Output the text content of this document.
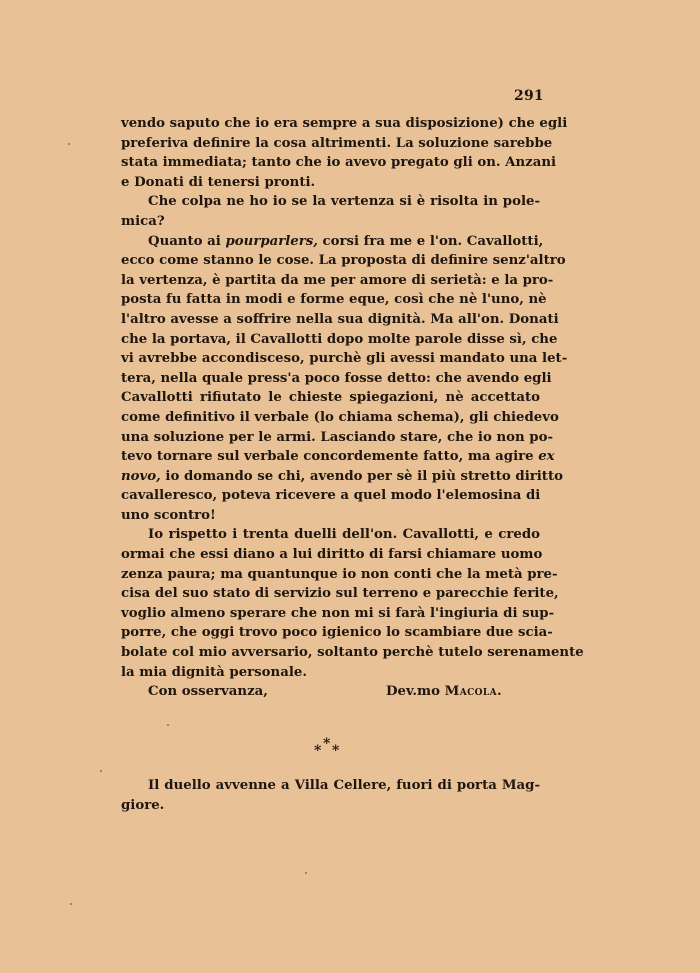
291
vendo saputo che io era sempre a sua disposizione) che egli
preferiva definire la cosa altrimenti. La soluzione sarebbe
stata immediata; tanto che io avevo pregato gli on. Anzani
e Donati di tenersi pronti.
Che colpa ne ho io se la vertenza si è risolta in pole-
mica?
Quanto ai pourparlers, corsi fra me e l'on. Cavallotti,
ecco come stanno le cose. La proposta di definire senz'altro
la vertenza, è partita da me per amore di serietà: e la pro-
posta fu fatta in modi e forme eque, così che nè l'uno, nè
l'altro avesse a soffrire nella sua dignità. Ma all'on. Donati
che la portava, il Cavallotti dopo molte parole disse sì, che
vi avrebbe accondisceso, purchè gli avessi mandato una let-
tera, nella quale press'a poco fosse detto: che avendo egli
Cavallotti rifiutato le chieste spiegazioni, nè accettato
come definitivo il verbale (lo chiama schema), gli chiedevo
una soluzione per le armi. Lasciando stare, che io non po-
tevo tornare sul verbale concordemente fatto, ma agire ex
novo, io domando se chi, avendo per sè il più stretto diritto
cavalleresco, poteva ricevere a quel modo l'elemosina di
uno scontro!
Io rispetto i trenta duelli dell'on. Cavallotti, e credo
ormai che essi diano a lui diritto di farsi chiamare uomo
zenza paura; ma quantunque io non conti che la metà pre-
cisa del suo stato di servizio sul terreno e parecchie ferite,
voglio almeno sperare che non mi si farà l'ingiuria di sup-
porre, che oggi trovo poco igienico lo scambiare due scia-
bolate col mio avversario, soltanto perchè tutelo serenamente
la mia dignità personale.
Con osservanza,	Dev.mo Macola.
*
* *
Il duello avvenne a Villa Cellere, fuori di porta Mag-
giore.
